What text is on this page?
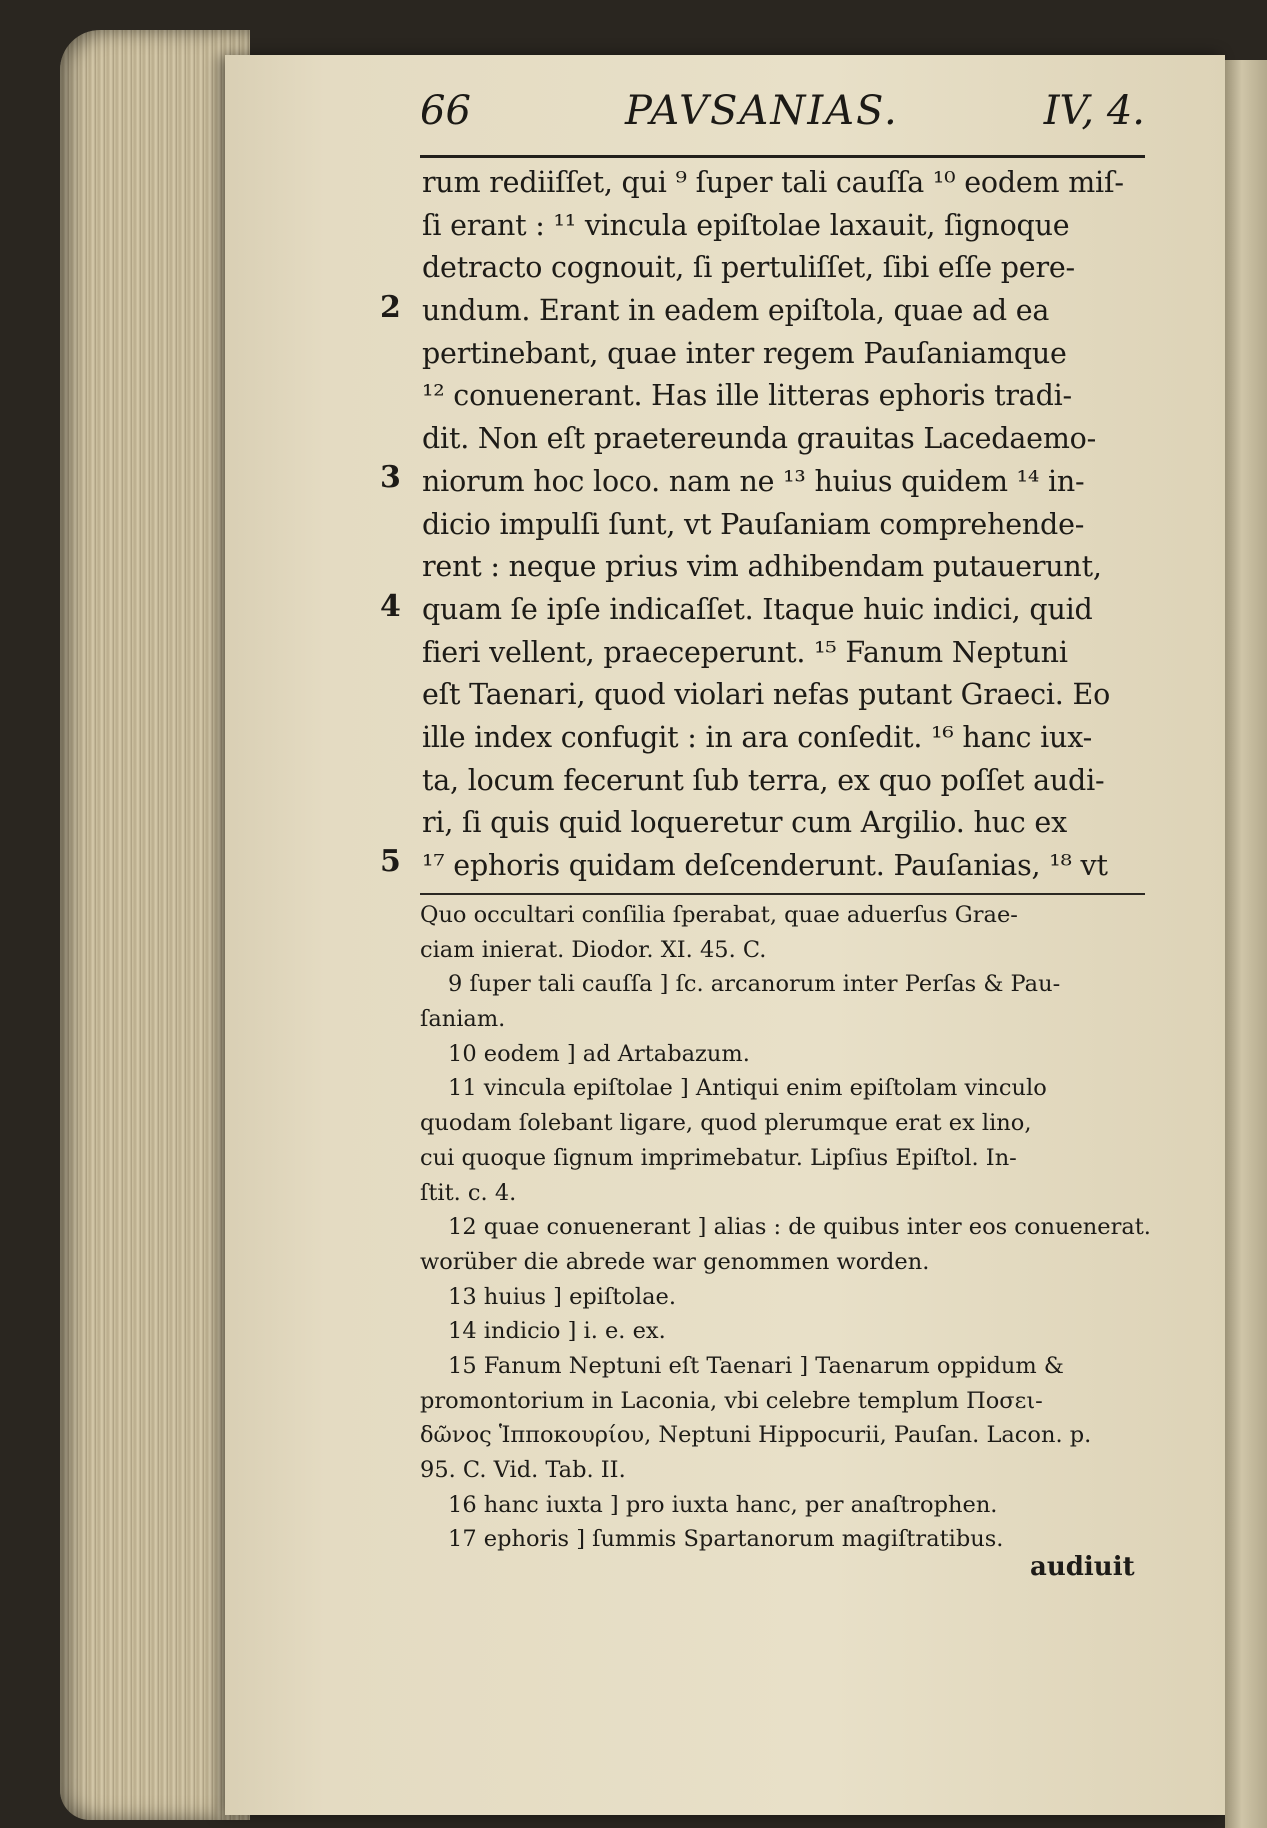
66	PAVSANIAS.	IV, 4.
2
3
4
5
rum rediiſſet, qui ⁹ ſuper tali cauſſa ¹⁰ eodem miſ-
ſi erant : ¹¹ vincula epiſtolae laxauit, ſignoque
detracto cognouit, ſi pertuliſſet, ſibi eſſe pere-
undum. Erant in eadem epiſtola, quae ad ea
pertinebant, quae inter regem Pauſaniamque
¹² conuenerant. Has ille litteras ephoris tradi-
dit. Non eſt praetereunda grauitas Lacedaemo-
niorum hoc loco. nam ne ¹³ huius quidem ¹⁴ in-
dicio impulſi ſunt, vt Pauſaniam comprehende-
rent : neque prius vim adhibendam putauerunt,
quam ſe ipſe indicaſſet. Itaque huic indici, quid
fieri vellent, praeceperunt. ¹⁵ Fanum Neptuni
eſt Taenari, quod violari nefas putant Graeci. Eo
ille index confugit : in ara conſedit. ¹⁶ hanc iux-
ta, locum fecerunt ſub terra, ex quo poſſet audi-
ri, ſi quis quid loqueretur cum Argilio. huc ex
¹⁷ ephoris quidam deſcenderunt. Pauſanias, ¹⁸ vt
Quo occultari conſilia ſperabat, quae aduerſus Grae-
ciam inierat. Diodor. XI. 45. C.
9 ſuper tali cauſſa ] ſc. arcanorum inter Perſas & Pau-
ſaniam.
10 eodem ] ad Artabazum.
11 vincula epiſtolae ] Antiqui enim epiſtolam vinculo
quodam ſolebant ligare, quod plerumque erat ex lino,
cui quoque ſignum imprimebatur. Lipſius Epiſtol. In-
ſtit. c. 4.
12 quae conuenerant ] alias : de quibus inter eos conuenerat.
worüber die abrede war genommen worden.
13 huius ] epiſtolae.
14 indicio ] i. e. ex.
15 Fanum Neptuni eſt Taenari ] Taenarum oppidum &
promontorium in Laconia, vbi celebre templum Ποσει-
δῶνος Ἱπποκουρίου, Neptuni Hippocurii, Pauſan. Lacon. p.
95. C. Vid. Tab. II.
16 hanc iuxta ] pro iuxta hanc, per anaſtrophen.
17 ephoris ] ſummis Spartanorum magiſtratibus.
audiuit
